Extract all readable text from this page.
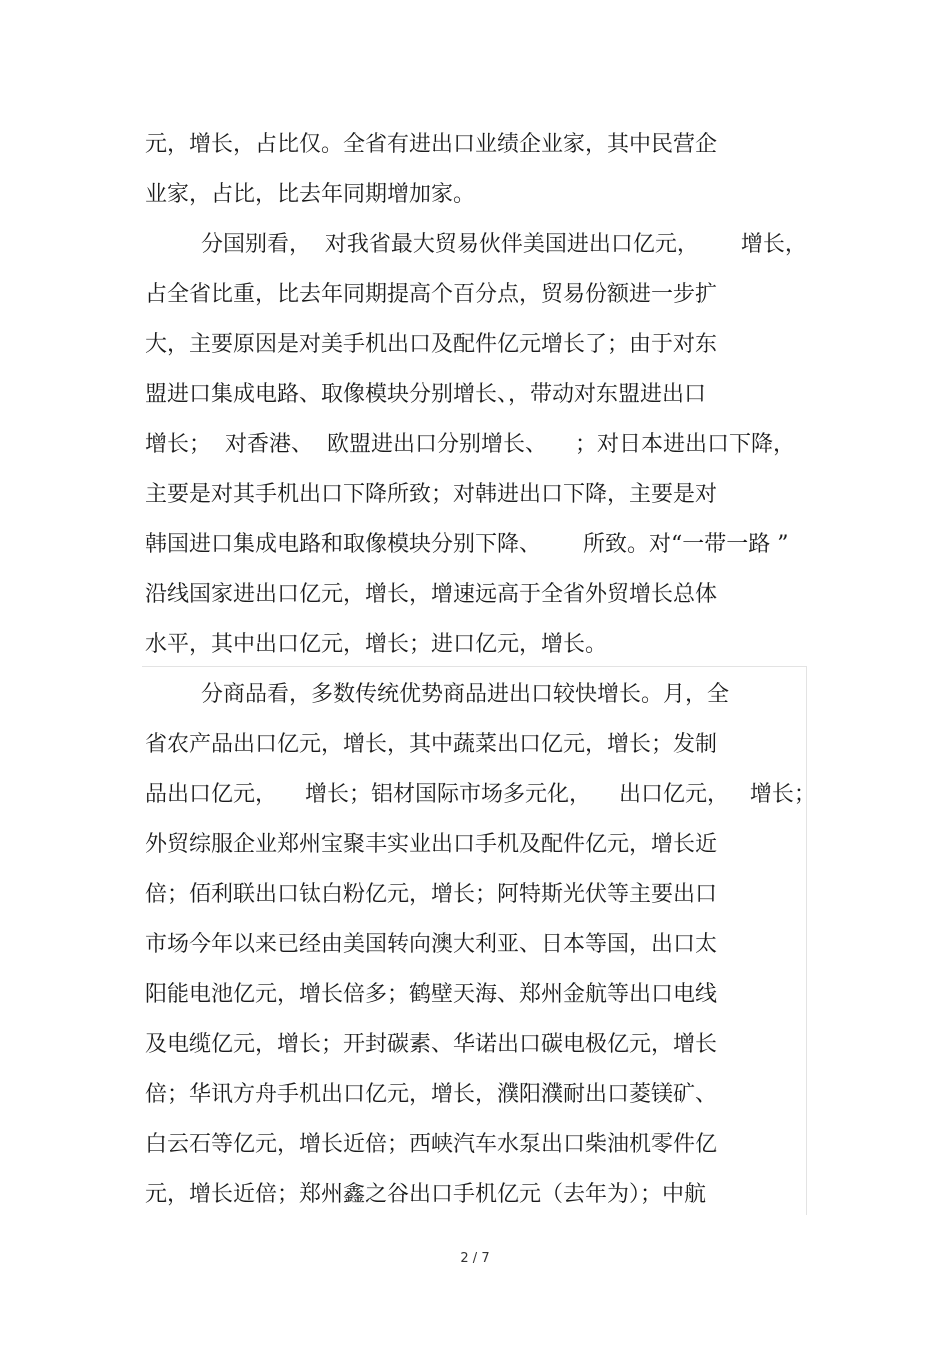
元，增长，占比仅。全省有进出口业绩企业家，其中民营企
业家，占比，比去年同期增加家。
分国别看，  对我省最大贸易伙伴美国进出口亿元，      增长，
占全省比重，比去年同期提高个百分点，贸易份额进一步扩
大，主要原因是对美手机出口及配件亿元增长了；由于对东
盟进口集成电路、取像模块分别增长、，带动对东盟进出口
增长；  对香港、  欧盟进出口分别增长、    ；对日本进出口下降，
主要是对其手机出口下降所致；对韩进出口下降，主要是对
韩国进口集成电路和取像模块分别下降、      所致。对“一带一路 ”
沿线国家进出口亿元，增长，增速远高于全省外贸增长总体
水平，其中出口亿元，增长；进口亿元，增长。
分商品看，多数传统优势商品进出口较快增长。月，全
省农产品出口亿元，增长，其中蔬菜出口亿元，增长；发制
品出口亿元，    增长；铝材国际市场多元化，    出口亿元，   增长；
外贸综服企业郑州宝聚丰实业出口手机及配件亿元，增长近
倍；佰利联出口钛白粉亿元，增长；阿特斯光伏等主要出口
市场今年以来已经由美国转向澳大利亚、日本等国，出口太
阳能电池亿元，增长倍多；鹤壁天海、郑州金航等出口电线
及电缆亿元，增长；开封碳素、华诺出口碳电极亿元，增长
倍；华讯方舟手机出口亿元，增长，濮阳濮耐出口菱镁矿、
白云石等亿元，增长近倍；西峡汽车水泵出口柴油机零件亿
元，增长近倍；郑州鑫之谷出口手机亿元（去年为）；中航
2 / 7
